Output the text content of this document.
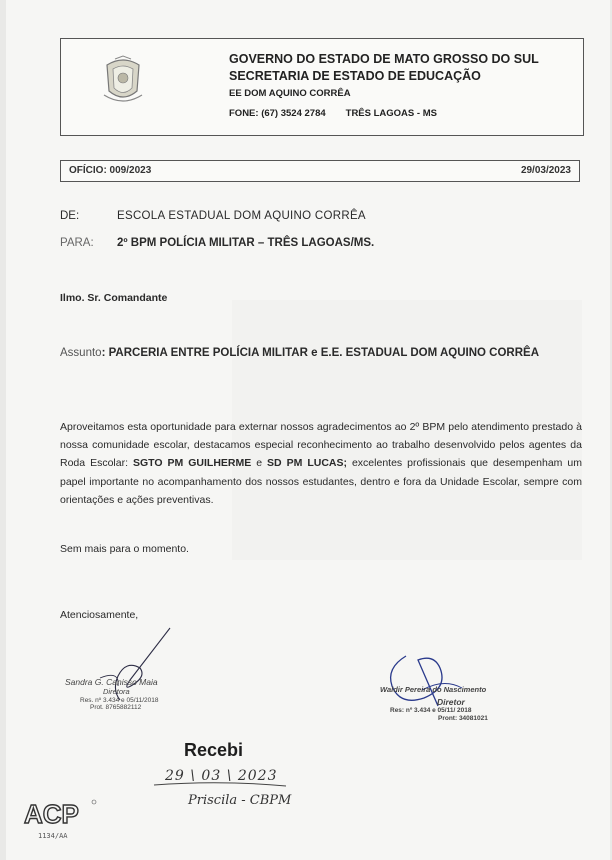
GOVERNO DO ESTADO DE MATO GROSSO DO SUL
SECRETARIA DE ESTADO DE EDUCAÇÃO
EE DOM AQUINO CORRÊA
FONE: (67) 3524 2784 TRÊS LAGOAS - MS
OFÍCIO: 009/2023	29/03/2023
DE:	ESCOLA ESTADUAL DOM AQUINO CORRÊA
PARA: 2º BPM POLÍCIA MILITAR – TRÊS LAGOAS/MS.
Ilmo. Sr. Comandante
Assunto: PARCERIA ENTRE POLÍCIA MILITAR e E.E. ESTADUAL DOM AQUINO CORRÊA
Aproveitamos esta oportunidade para externar nossos agradecimentos ao 2º BPM pelo atendimento prestado à nossa comunidade escolar, destacamos especial reconhecimento ao trabalho desenvolvido pelos agentes da Roda Escolar: SGTO PM GUILHERME e SD PM LUCAS; excelentes profissionais que desempenham um papel importante no acompanhamento dos nossos estudantes, dentro e fora da Unidade Escolar, sempre com orientações e ações preventivas.
Sem mais para o momento.
Atenciosamente,
Sandra G. Canisso Maia
Diretora
Res. nº 3.434 e 05/11/2018
Prot. 8765882112
Waldir Pereira do Nascimento
Diretor
Res: nº 3.434 e 05/11/ 2018
Pront: 34081021
Recebi
29 \ 03 \ 2023
Priscila - CBPM
ACP
1134/AA
